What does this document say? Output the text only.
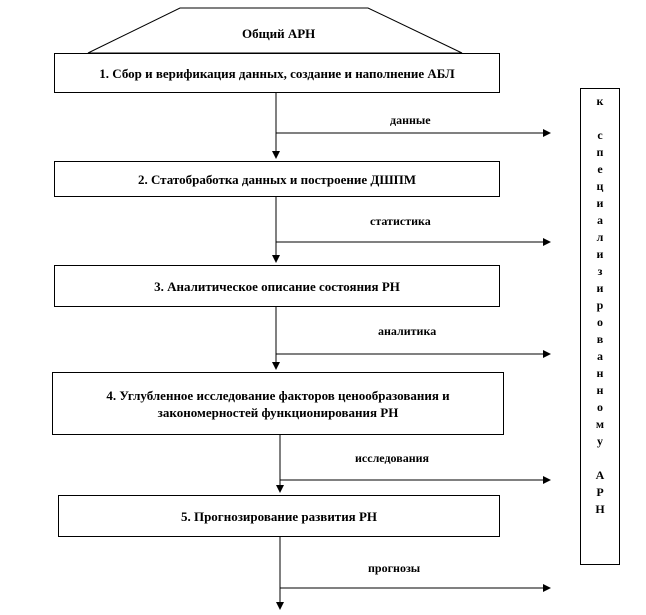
Общий АРН
1. Сбор и верификация данных, создание и наполнение АБЛ
2. Статобработка данных и построение ДШПМ
3. Аналитическое описание состояния РН
4. Углубленное исследование факторов ценообразования и закономерностей функционирования РН
5. Прогнозирование развития РН
данные
статистика
аналитика
исследования
прогнозы
к
с
п
е
ц
и
а
л
и
з
и
р
о
в
а
н
н
о
м
у
А
Р
Н
